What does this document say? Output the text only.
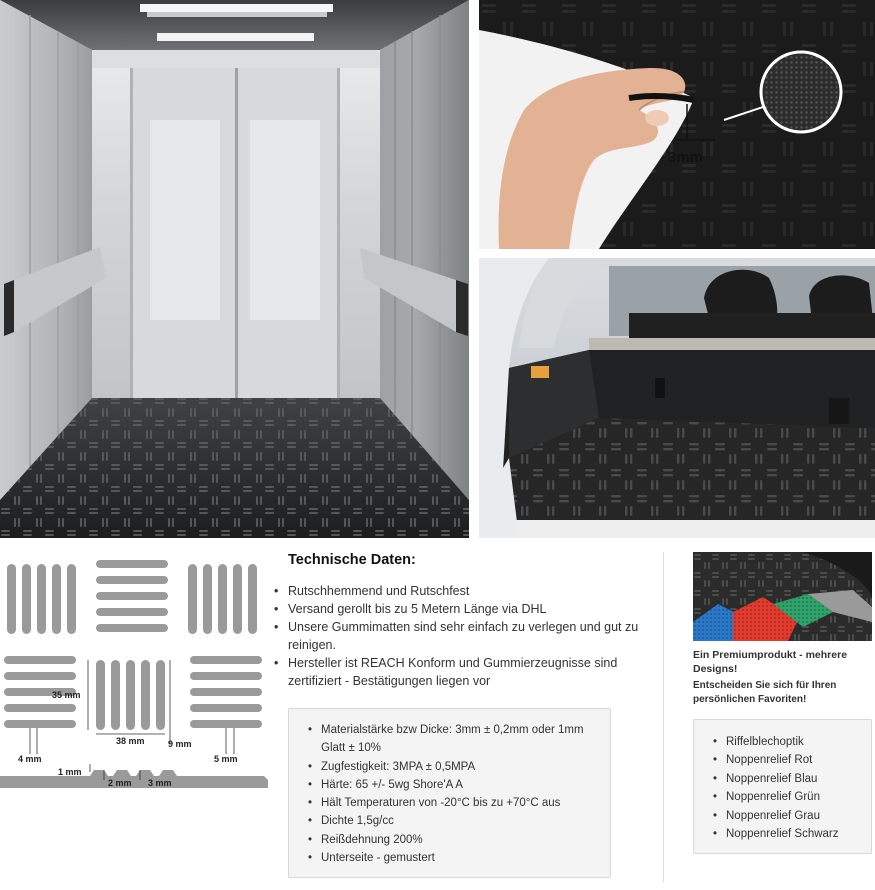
3mm
35 mm
38 mm	9 mm
4 mm	5 mm
1 mm
2 mm 3 mm
Technische Daten:
• Rutschhemmend und Rutschfest
• Versand gerollt bis zu 5 Metern Länge via DHL
• Unsere Gummimatten sind sehr einfach zu verlegen und gut zu reinigen.
• Hersteller ist REACH Konform und Gummierzeugnisse sind zertifiziert - Bestätigungen liegen vor
• Materialstärke bzw Dicke: 3mm ± 0,2mm oder 1mm Glatt ± 10%
• Zugfestigkeit: 3MPA ± 0,5MPA
• Härte: 65 +/- 5wg Shore'A A
• Hält Temperaturen von -20°C bis zu +70°C aus
• Dichte 1,5g/cc
• Reißdehnung 200%
• Unterseite - gemustert
Ein Premiumprodukt - mehrere Designs!
Entscheiden Sie sich für Ihren persönlichen Favoriten!
• Riffelblechoptik
• Noppenrelief Rot
• Noppenrelief Blau
• Noppenrelief Grün
• Noppenrelief Grau
• Noppenrelief Schwarz
